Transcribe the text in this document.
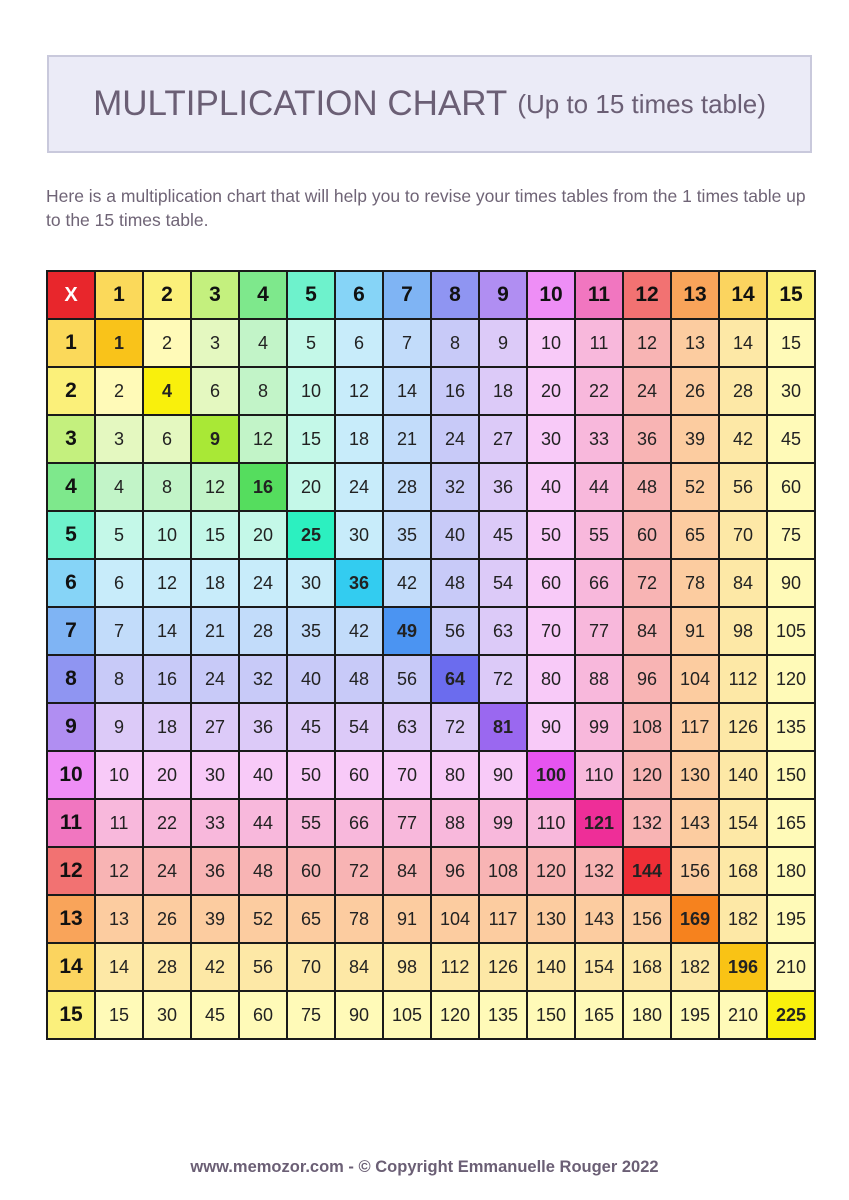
MULTIPLICATION CHART (Up to 15 times table)
Here is a multiplication chart that will help you to revise your times tables from the 1 times table up to the 15 times table.
X	1	2	3	4	5	6	7	8	9	10	11	12	13	14	15
1	1	2	3	4	5	6	7	8	9	10	11	12	13	14	15
2	2	4	6	8	10	12	14	16	18	20	22	24	26	28	30
3	3	6	9	12	15	18	21	24	27	30	33	36	39	42	45
4	4	8	12	16	20	24	28	32	36	40	44	48	52	56	60
5	5	10	15	20	25	30	35	40	45	50	55	60	65	70	75
6	6	12	18	24	30	36	42	48	54	60	66	72	78	84	90
7	7	14	21	28	35	42	49	56	63	70	77	84	91	98	105
8	8	16	24	32	40	48	56	64	72	80	88	96	104	112	120
9	9	18	27	36	45	54	63	72	81	90	99	108	117	126	135
10	10	20	30	40	50	60	70	80	90	100	110	120	130	140	150
11	11	22	33	44	55	66	77	88	99	110	121	132	143	154	165
12	12	24	36	48	60	72	84	96	108	120	132	144	156	168	180
13	13	26	39	52	65	78	91	104	117	130	143	156	169	182	195
14	14	28	42	56	70	84	98	112	126	140	154	168	182	196	210
15	15	30	45	60	75	90	105	120	135	150	165	180	195	210	225
www.memozor.com - © Copyright Emmanuelle Rouger 2022
